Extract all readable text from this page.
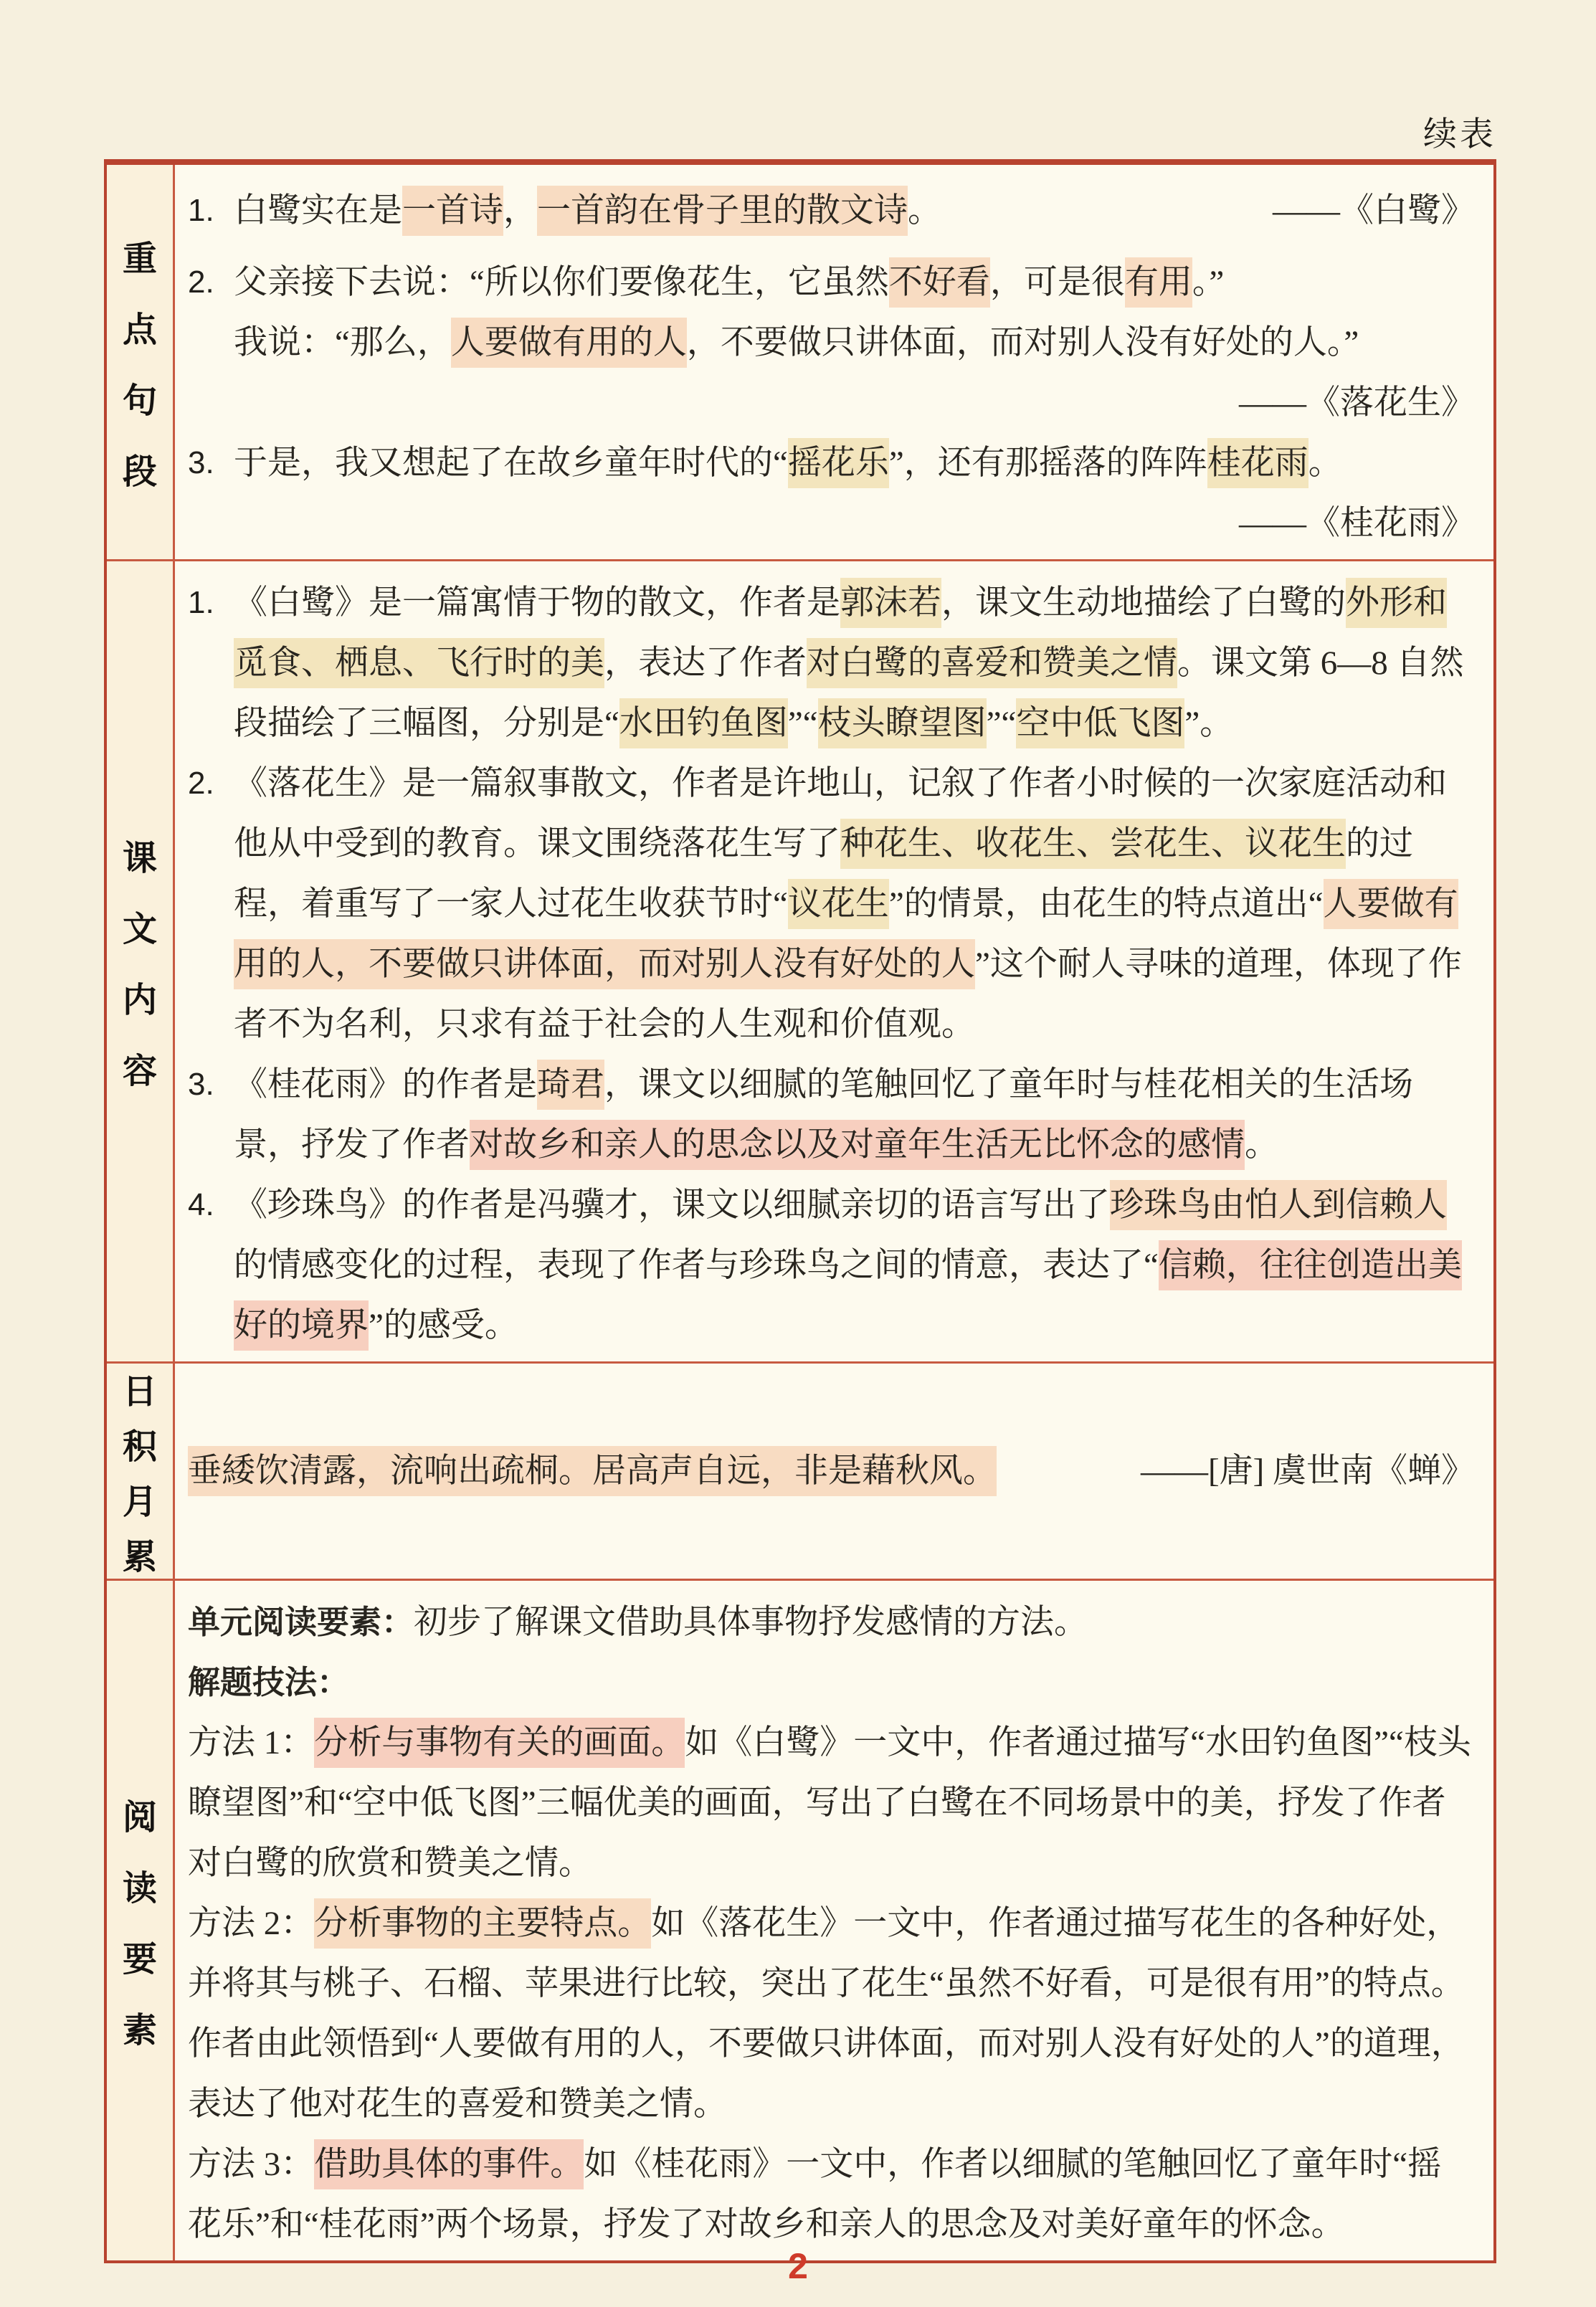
续表
重
点
句
段
1.	——《白鹭》
白鹭实在是一首诗，一首韵在骨子里的散文诗。
2. 父亲接下去说：“所以你们要像花生，它虽然不好看，可是很有用。”
我说：“那么，人要做有用的人，不要做只讲体面，而对别人没有好处的人。”
——《落花生》
3. 于是，我又想起了在故乡童年时代的“摇花乐”，还有那摇落的阵阵桂花雨。
——《桂花雨》
课
文
内
容
1. 《白鹭》是一篇寓情于物的散文，作者是郭沫若，课文生动地描绘了白鹭的外形和觅食、栖息、飞行时的美，表达了作者对白鹭的喜爱和赞美之情。课文第 6—8 自然段描绘了三幅图，分别是“水田钓鱼图”“枝头瞭望图”“空中低飞图”。
2. 《落花生》是一篇叙事散文，作者是许地山，记叙了作者小时候的一次家庭活动和他从中受到的教育。课文围绕落花生写了种花生、收花生、尝花生、议花生的过程，着重写了一家人过花生收获节时“议花生”的情景，由花生的特点道出“人要做有用的人，不要做只讲体面，而对别人没有好处的人”这个耐人寻味的道理，体现了作者不为名利，只求有益于社会的人生观和价值观。
3. 《桂花雨》的作者是琦君，课文以细腻的笔触回忆了童年时与桂花相关的生活场景，抒发了作者对故乡和亲人的思念以及对童年生活无比怀念的感情。
4. 《珍珠鸟》的作者是冯骥才，课文以细腻亲切的语言写出了珍珠鸟由怕人到信赖人的情感变化的过程，表现了作者与珍珠鸟之间的情意，表达了“信赖，往往创造出美好的境界”的感受。
日
积
月
累
——[唐] 虞世南《蝉》
垂緌饮清露，流响出疏桐。居高声自远，非是藉秋风。
阅
读
要
素
单元阅读要素：初步了解课文借助具体事物抒发感情的方法。
解题技法：
方法 1：分析与事物有关的画面。如《白鹭》一文中，作者通过描写“水田钓鱼图”“枝头瞭望图”和“空中低飞图”三幅优美的画面，写出了白鹭在不同场景中的美，抒发了作者对白鹭的欣赏和赞美之情。
方法 2：分析事物的主要特点。如《落花生》一文中，作者通过描写花生的各种好处，并将其与桃子、石榴、苹果进行比较，突出了花生“虽然不好看，可是很有用”的特点。作者由此领悟到“人要做有用的人，不要做只讲体面，而对别人没有好处的人”的道理，表达了他对花生的喜爱和赞美之情。
方法 3：借助具体的事件。如《桂花雨》一文中，作者以细腻的笔触回忆了童年时“摇花乐”和“桂花雨”两个场景，抒发了对故乡和亲人的思念及对美好童年的怀念。
2
